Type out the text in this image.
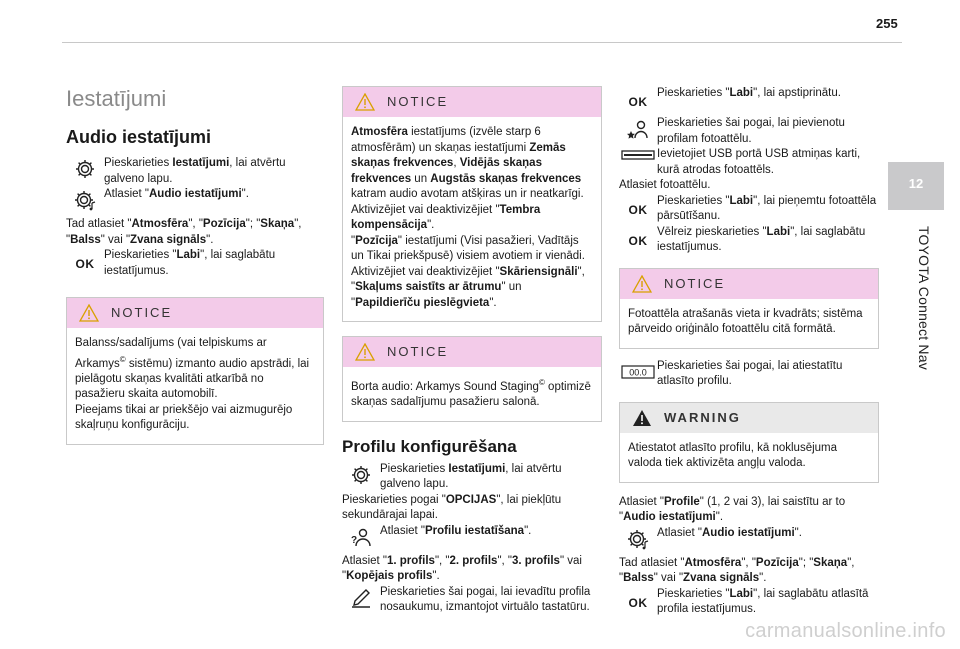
255
12
TOYOTA Connect Nav
Iestatījumi
Audio iestatījumi

Pieskarieties Iestatījumi, lai atvērtu galveno lapu.

Atlasiet "Audio iestatījumi".

Tad atlasiet "Atmosfēra", "Pozīcija"; "Skaņa", "Balss" vai "Zvana signāls".

OK

Pieskarieties "Labi", lai saglabātu iestatījumus.

NOTICE

Balanss/sadalījums (vai telpiskums ar Arkamys© sistēmu) izmanto audio apstrādi, lai pielāgotu skaņas kvalitāti atkarībā no pasažieru skaita automobilī.

Pieejams tikai ar priekšējo vai aizmugurējo skaļruņu konfigurāciju.

NOTICE

Atmosfēra iestatījums (izvēle starp 6 atmosfērām) un skaņas iestatījumi Zemās skaņas frekvences, Vidējās skaņas frekvences un Augstās skaņas frekvences katram audio avotam atšķiras un ir neatkarīgi. Aktivizējiet vai deaktivizējiet "Tembra kompensācija".

"Pozīcija" iestatījumi (Visi pasažieri, Vadītājs un Tikai priekšpusē) visiem avotiem ir vienādi. Aktivizējiet vai deaktivizējiet "Skāriensignāli", "Skaļums saistīts ar ātrumu" un "Papildierīču pieslēgvieta".

NOTICE

Borta audio: Arkamys Sound Staging© optimizē skaņas sadalījumu pasažieru salonā.

Profilu konfigurēšana

Pieskarieties Iestatījumi, lai atvērtu galveno lapu.

Pieskarieties pogai "OPCIJAS", lai piekļūtu sekundārajai lapai.

?

Atlasiet "Profilu iestatīšana".

Atlasiet "1. profils", "2. profils", "3. profils" vai "Kopējais profils".

Pieskarieties šai pogai, lai ievadītu profila nosaukumu, izmantojot virtuālo tastatūru.

OK

Pieskarieties "Labi", lai apstiprinātu.

Pieskarieties šai pogai, lai pievienotu profilam fotoattēlu.

Ievietojiet USB portā USB atmiņas karti, kurā atrodas fotoattēls.

Atlasiet fotoattēlu.

OK

Pieskarieties "Labi", lai pieņemtu fotoattēla pārsūtīšanu.

OK

Vēlreiz pieskarieties "Labi", lai saglabātu iestatījumus.

NOTICE

Fotoattēla atrašanās vieta ir kvadrāts; sistēma pārveido oriģinālo fotoattēlu citā formātā.

00.0

Pieskarieties šai pogai, lai atiestatītu atlasīto profilu.

WARNING

Atiestatot atlasīto profilu, kā noklusējuma valoda tiek aktivizēta angļu valoda.

Atlasiet "Profile" (1, 2 vai 3), lai saistītu ar to "Audio iestatījumi".

Atlasiet "Audio iestatījumi".

Tad atlasiet "Atmosfēra", "Pozīcija"; "Skaņa", "Balss" vai "Zvana signāls".

OK

Pieskarieties "Labi", lai saglabātu atlasītā profila iestatījumus.

carmanualsonline.info
